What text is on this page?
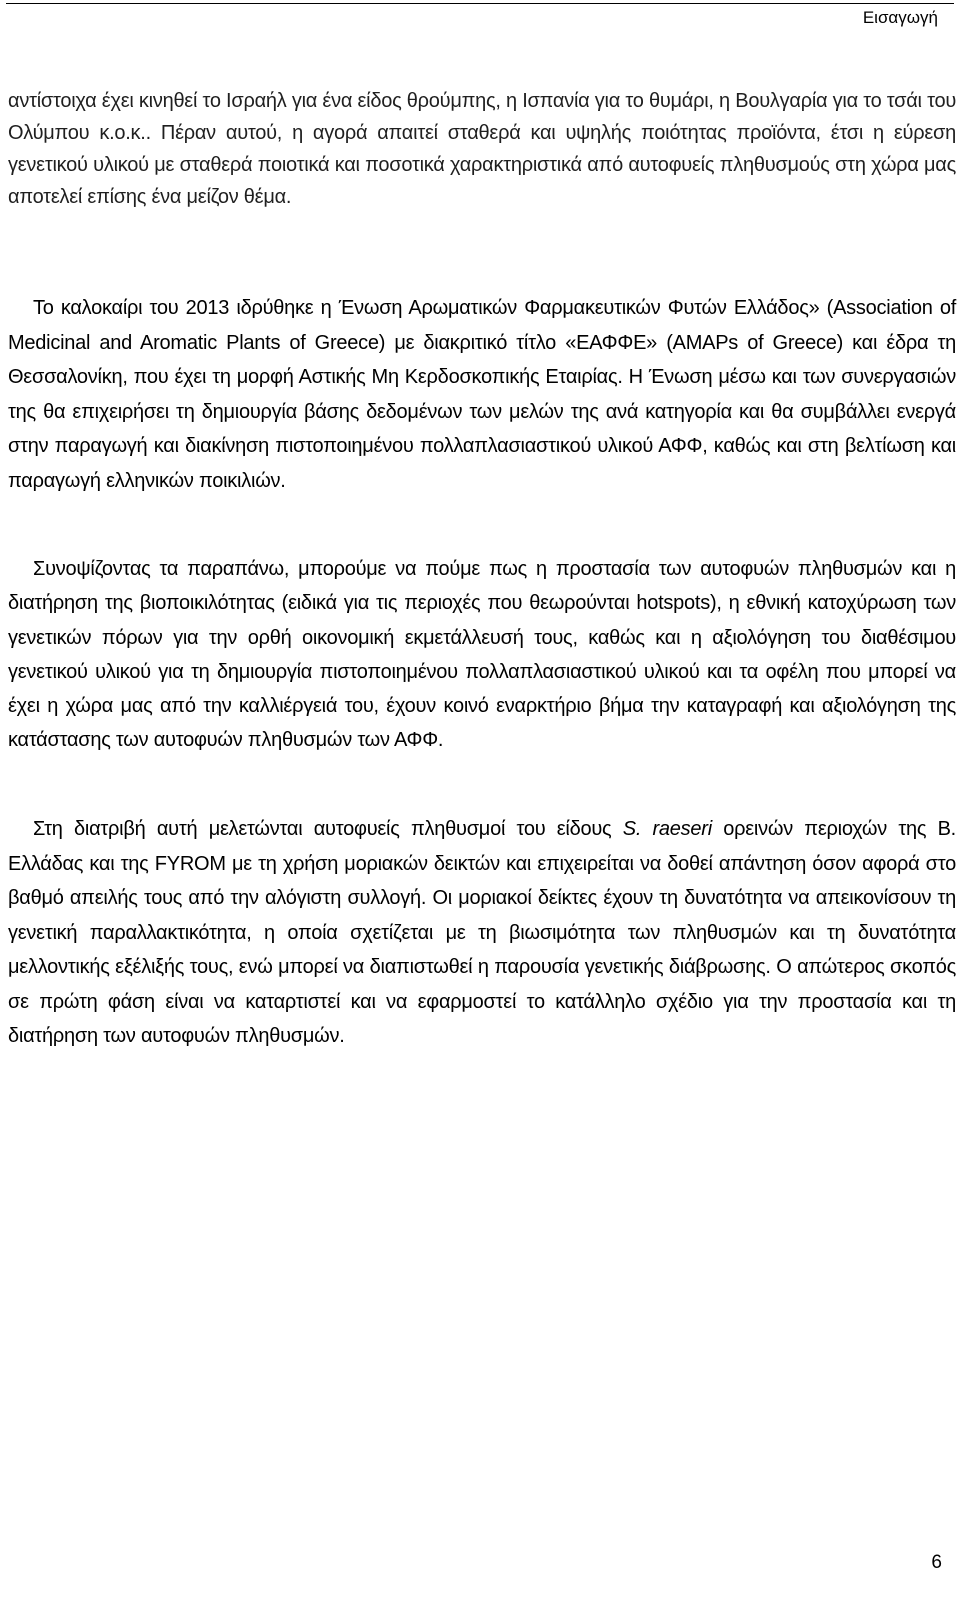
Εισαγωγή

αντίστοιχα έχει κινηθεί το Ισραήλ για ένα είδος θρούμπης, η Ισπανία για το θυμάρι, η Βουλγαρία για το τσάι του Ολύμπου κ.ο.κ.. Πέραν αυτού, η αγορά απαιτεί σταθερά και υψηλής ποιότητας προϊόντα, έτσι η εύρεση γενετικού υλικού με σταθερά ποιοτικά και ποσοτικά χαρακτηριστικά από αυτοφυείς πληθυσμούς στη χώρα μας αποτελεί επίσης ένα μείζον θέμα.

Το καλοκαίρι του 2013 ιδρύθηκε η Ένωση Αρωματικών Φαρμακευτικών Φυτών Ελλάδος» (Association of Medicinal and Aromatic Plants of Greece) με διακριτικό τίτλο «ΕΑΦΦΕ» (AMAPs of Greece) και έδρα τη Θεσσαλονίκη, που έχει τη μορφή Αστικής Μη Κερδοσκοπικής Εταιρίας. Η Ένωση μέσω και των συνεργασιών της θα επιχειρήσει τη δημιουργία βάσης δεδομένων των μελών της ανά κατηγορία και θα συμβάλλει ενεργά στην παραγωγή και διακίνηση πιστοποιημένου πολλαπλασιαστικού υλικού ΑΦΦ, καθώς και στη βελτίωση και παραγωγή ελληνικών ποικιλιών.

Συνοψίζοντας τα παραπάνω, μπορούμε να πούμε πως η προστασία των αυτοφυών πληθυσμών και η διατήρηση της βιοποικιλότητας (ειδικά για τις περιοχές που θεωρούνται hotspots), η εθνική κατοχύρωση των γενετικών πόρων για την ορθή οικονομική εκμετάλλευσή τους, καθώς και η αξιολόγηση του διαθέσιμου γενετικού υλικού για τη δημιουργία πιστοποιημένου πολλαπλασιαστικού υλικού και τα οφέλη που μπορεί να έχει η χώρα μας από την καλλιέργειά του, έχουν κοινό εναρκτήριο βήμα την καταγραφή και αξιολόγηση της κατάστασης των αυτοφυών πληθυσμών των ΑΦΦ.

Στη διατριβή αυτή μελετώνται αυτοφυείς πληθυσμοί του είδους S. raeseri ορεινών περιοχών της Β. Ελλάδας και της FYROM με τη χρήση μοριακών δεικτών και επιχειρείται να δοθεί απάντηση όσον αφορά στο βαθμό απειλής τους από την αλόγιστη συλλογή. Οι μοριακοί δείκτες έχουν τη δυνατότητα να απεικονίσουν τη γενετική παραλλακτικότητα, η οποία σχετίζεται με τη βιωσιμότητα των πληθυσμών και τη δυνατότητα μελλοντικής εξέλιξής τους, ενώ μπορεί να διαπιστωθεί η παρουσία γενετικής διάβρωσης. Ο απώτερος σκοπός σε πρώτη φάση είναι να καταρτιστεί και να εφαρμοστεί το κατάλληλο σχέδιο για την προστασία και τη διατήρηση των αυτοφυών πληθυσμών.

6
